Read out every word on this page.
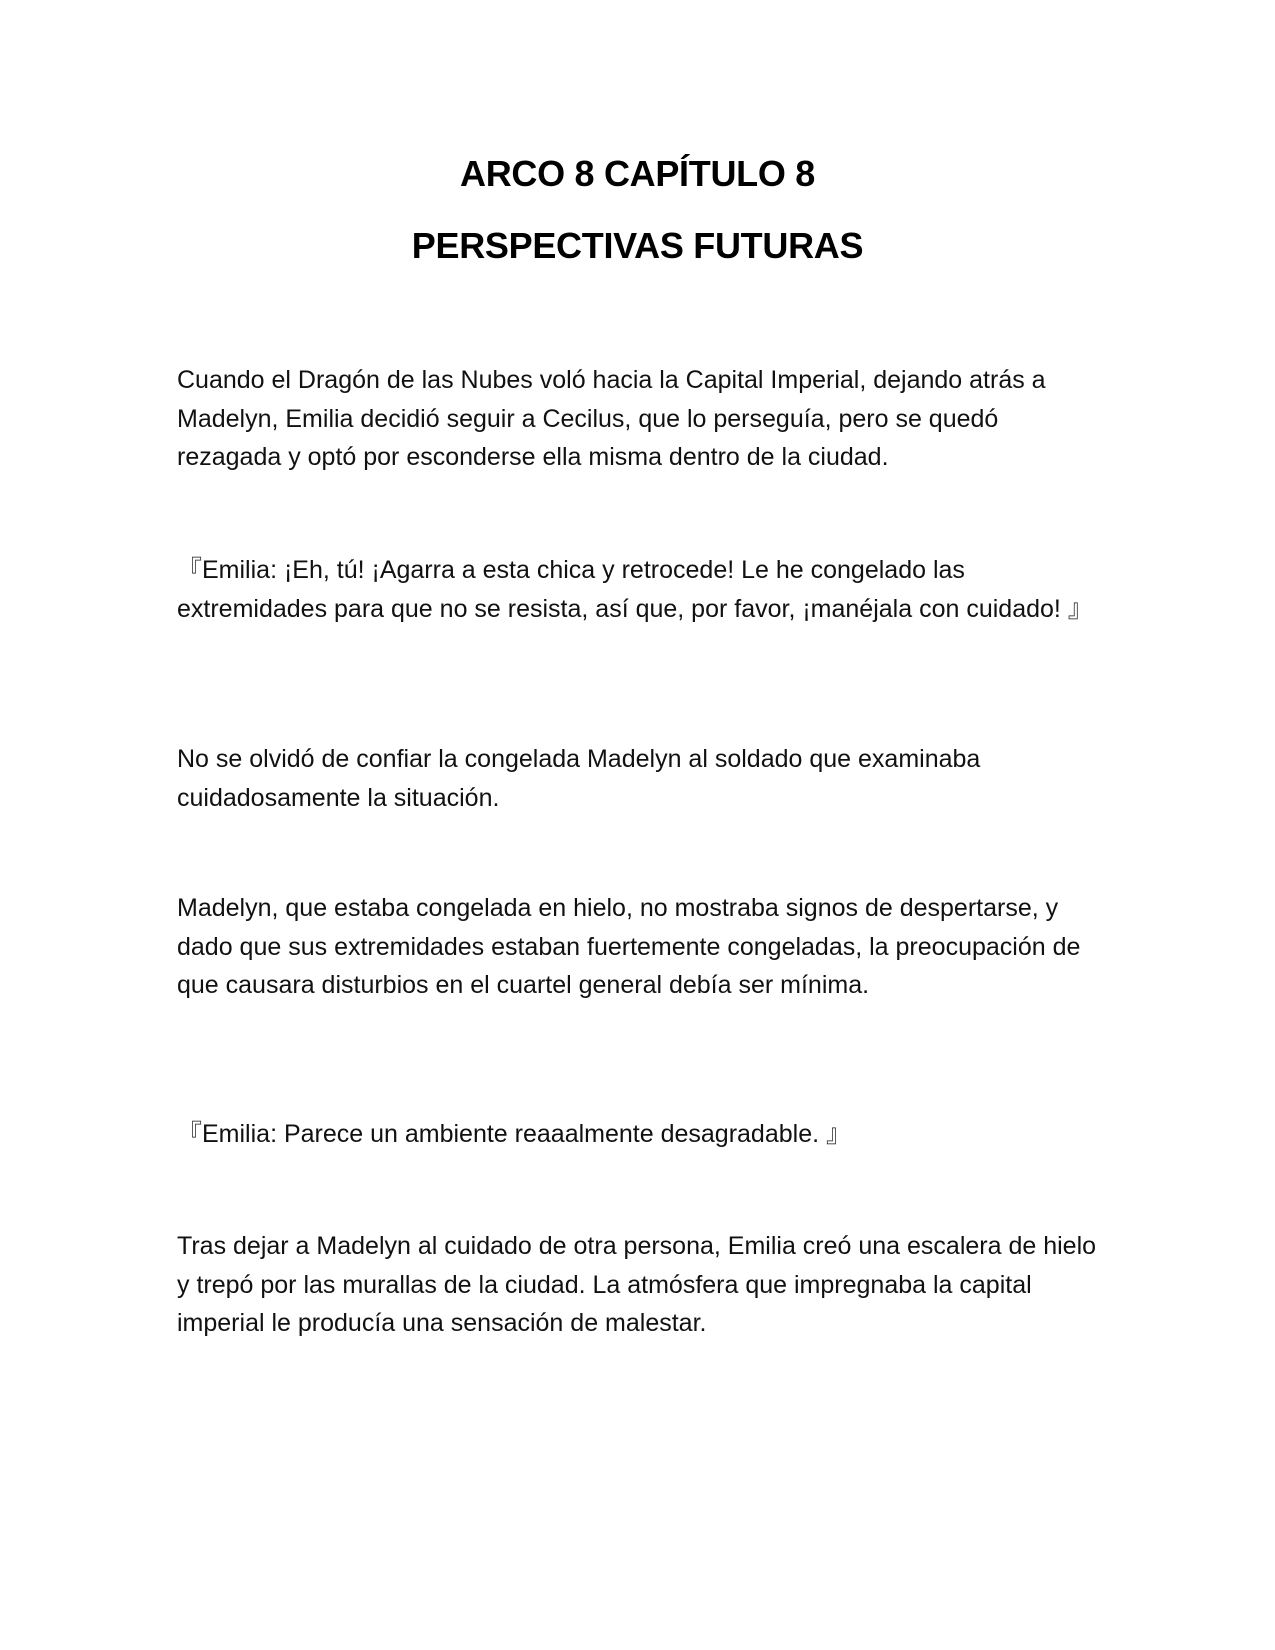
ARCO 8 CAPÍTULO 8
PERSPECTIVAS FUTURAS

Cuando el Dragón de las Nubes voló hacia la Capital Imperial, dejando atrás a Madelyn, Emilia decidió seguir a Cecilus, que lo perseguía, pero se quedó rezagada y optó por esconderse ella misma dentro de la ciudad.

『Emilia: ¡Eh, tú! ¡Agarra a esta chica y retrocede! Le he congelado las extremidades para que no se resista, así que, por favor, ¡manéjala con cuidado! 』

No se olvidó de confiar la congelada Madelyn al soldado que examinaba cuidadosamente la situación.

Madelyn, que estaba congelada en hielo, no mostraba signos de despertarse, y dado que sus extremidades estaban fuertemente congeladas, la preocupación de que causara disturbios en el cuartel general debía ser mínima.

『Emilia: Parece un ambiente reaaalmente desagradable. 』

Tras dejar a Madelyn al cuidado de otra persona, Emilia creó una escalera de hielo y trepó por las murallas de la ciudad. La atmósfera que impregnaba la capital imperial le producía una sensación de malestar.
